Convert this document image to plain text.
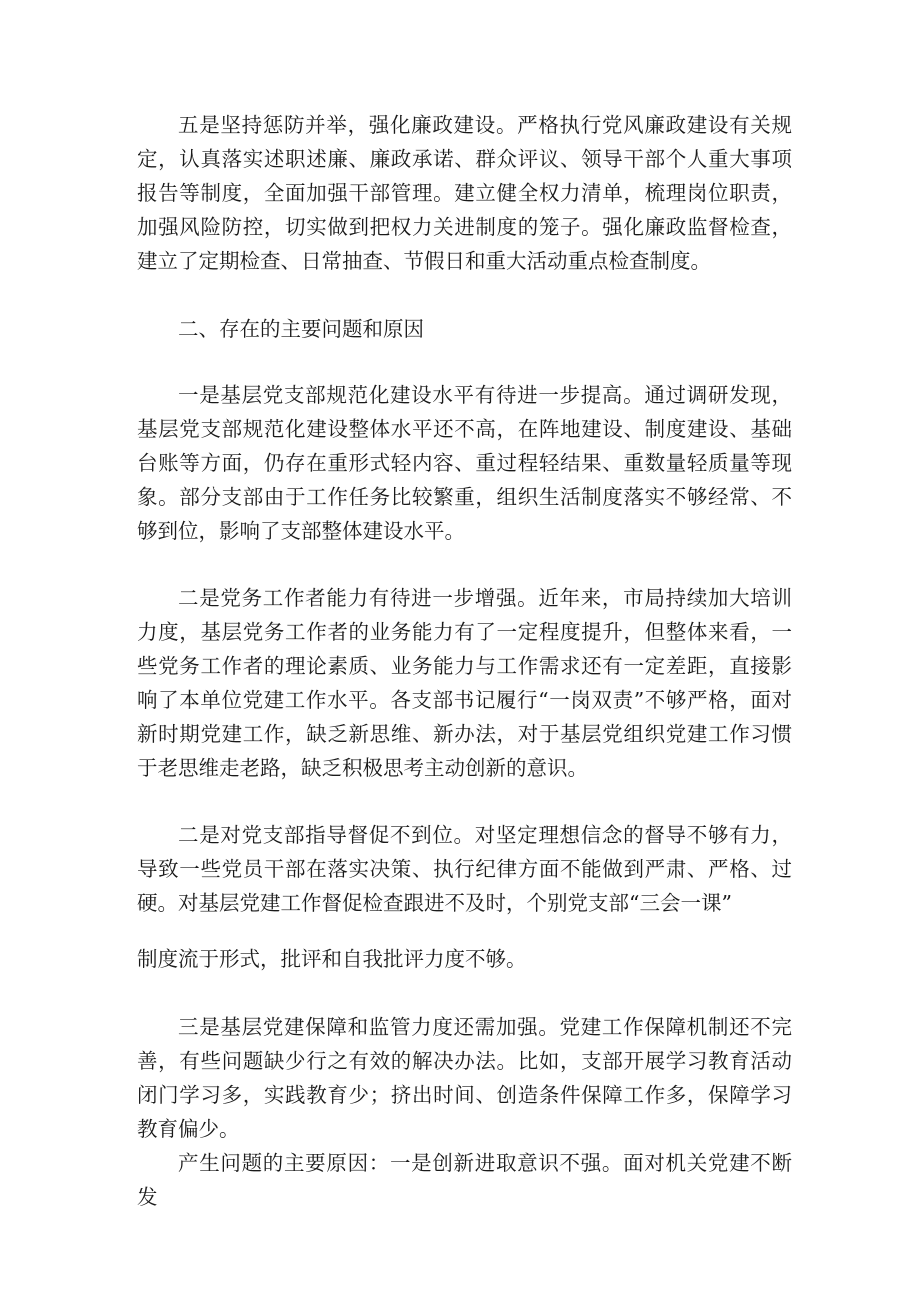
五是坚持惩防并举，强化廉政建设。严格执行党风廉政建设有关规定，认真落实述职述廉、廉政承诺、群众评议、领导干部个人重大事项报告等制度，全面加强干部管理。建立健全权力清单，梳理岗位职责，加强风险防控，切实做到把权力关进制度的笼子。强化廉政监督检查，建立了定期检查、日常抽查、节假日和重大活动重点检查制度。

二、存在的主要问题和原因

一是基层党支部规范化建设水平有待进一步提高。通过调研发现，基层党支部规范化建设整体水平还不高，在阵地建设、制度建设、基础台账等方面，仍存在重形式轻内容、重过程轻结果、重数量轻质量等现象。部分支部由于工作任务比较繁重，组织生活制度落实不够经常、不够到位，影响了支部整体建设水平。

二是党务工作者能力有待进一步增强。近年来，市局持续加大培训力度，基层党务工作者的业务能力有了一定程度提升，但整体来看，一些党务工作者的理论素质、业务能力与工作需求还有一定差距，直接影响了本单位党建工作水平。各支部书记履行“一岗双责”不够严格，面对新时期党建工作，缺乏新思维、新办法，对于基层党组织党建工作习惯于老思维走老路，缺乏积极思考主动创新的意识。

二是对党支部指导督促不到位。对坚定理想信念的督导不够有力，导致一些党员干部在落实决策、执行纪律方面不能做到严肃、严格、过硬。对基层党建工作督促检查跟进不及时，个别党支部“三会一课”

制度流于形式，批评和自我批评力度不够。

三是基层党建保障和监管力度还需加强。党建工作保障机制还不完善，有些问题缺少行之有效的解决办法。比如，支部开展学习教育活动闭门学习多，实践教育少；挤出时间、创造条件保障工作多，保障学习教育偏少。

产生问题的主要原因：一是创新进取意识不强。面对机关党建不断发
